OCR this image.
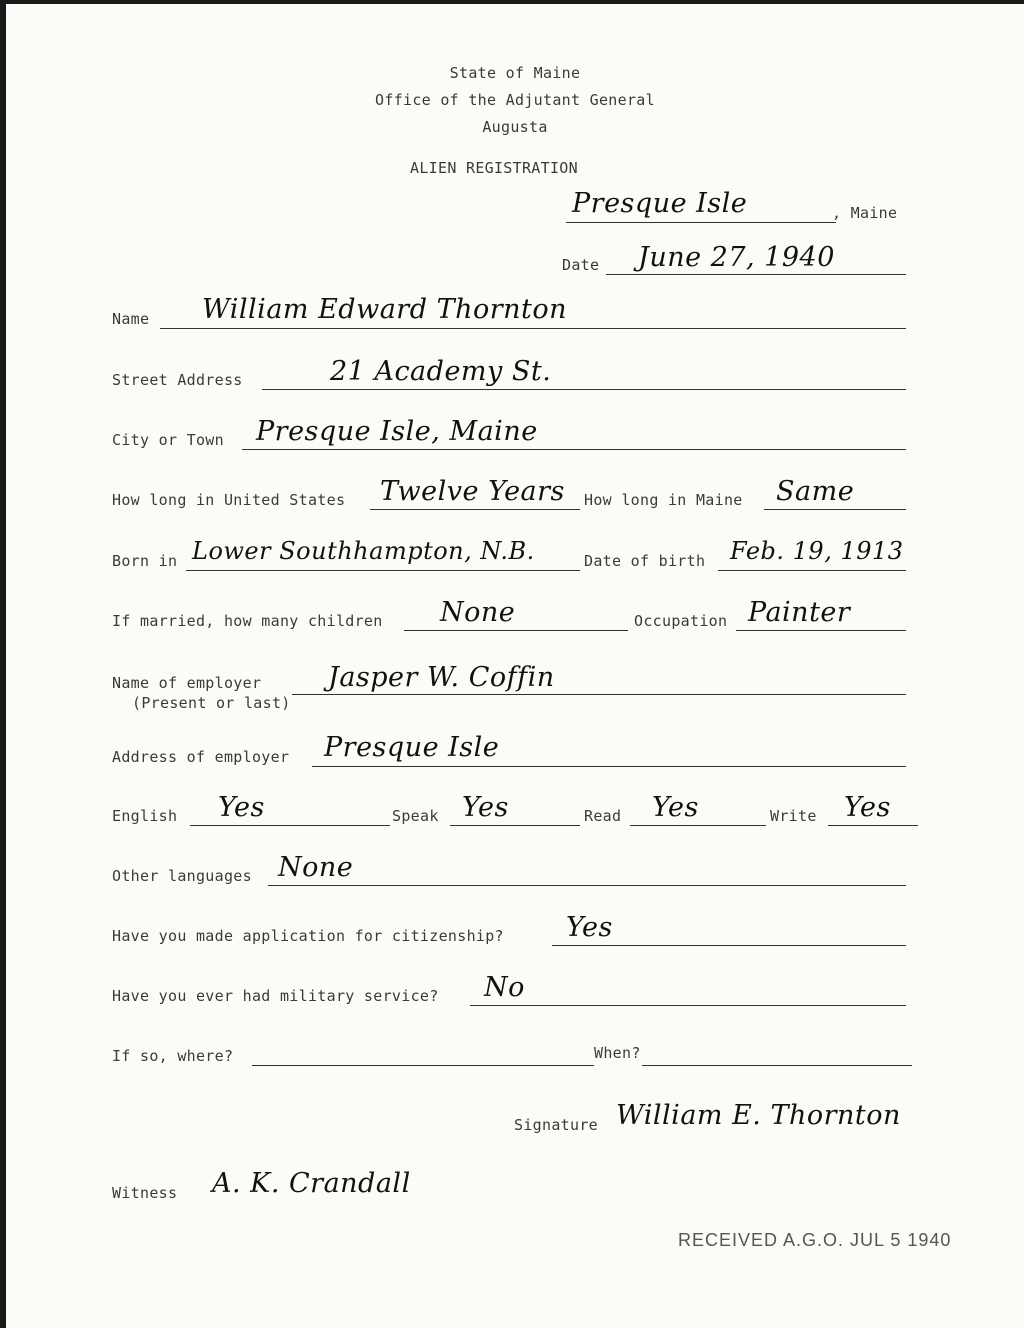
State of Maine
Office of the Adjutant General
Augusta
ALIEN REGISTRATION
Presque Isle	, Maine
Date June 27, 1940
Name William Edward Thornton
Street Address	21 Academy St.
City or Town Presque Isle, Maine
How long in United States Twelve Years How long in Maine Same
Born in Lower Southhampton, N.B.	Date of birth Feb. 19, 1913
If married, how many children None	Occupation Painter
Name of employer
(Present or last)
Jasper W. Coffin
Address of employer Presque Isle
English Yes	Speak Yes	Read Yes	Write Yes
Other languages None
Have you made application for citizenship? Yes
Have you ever had military service? No
If so, where?	When?
Signature William E. Thornton
Witness A. K. Crandall
RECEIVED A.G.O. JUL 5 1940
